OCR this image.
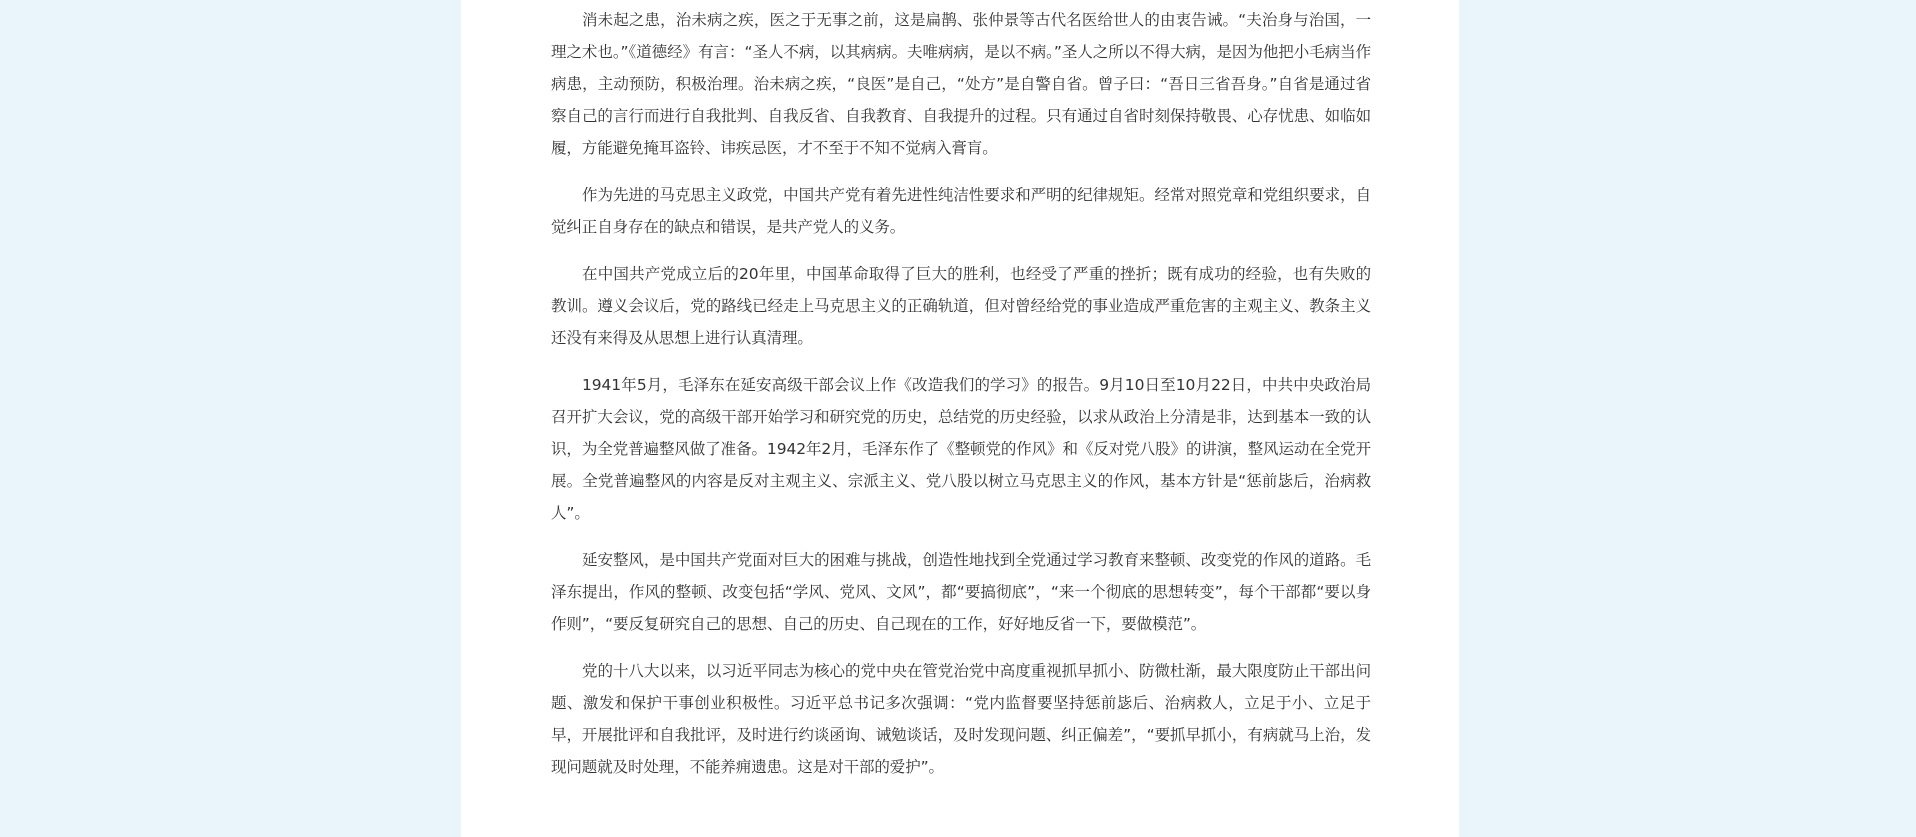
消未起之患，治未病之疾，医之于无事之前，这是扁鹊、张仲景等古代名医给世人的由衷告诫。“夫治身与治国，一理之术也。”《道德经》有言：“圣人不病，以其病病。夫唯病病，是以不病。”圣人之所以不得大病，是因为他把小毛病当作病患，主动预防，积极治理。治未病之疾，“良医”是自己，“处方”是自警自省。曾子曰：“吾日三省吾身。”自省是通过省察自己的言行而进行自我批判、自我反省、自我教育、自我提升的过程。只有通过自省时刻保持敬畏、心存忧患、如临如履，方能避免掩耳盗铃、讳疾忌医，才不至于不知不觉病入膏肓。

作为先进的马克思主义政党，中国共产党有着先进性纯洁性要求和严明的纪律规矩。经常对照党章和党组织要求，自觉纠正自身存在的缺点和错误，是共产党人的义务。

在中国共产党成立后的20年里，中国革命取得了巨大的胜利，也经受了严重的挫折；既有成功的经验，也有失败的教训。遵义会议后，党的路线已经走上马克思主义的正确轨道，但对曾经给党的事业造成严重危害的主观主义、教条主义还没有来得及从思想上进行认真清理。

1941年5月，毛泽东在延安高级干部会议上作《改造我们的学习》的报告。9月10日至10月22日，中共中央政治局召开扩大会议，党的高级干部开始学习和研究党的历史，总结党的历史经验，以求从政治上分清是非，达到基本一致的认识，为全党普遍整风做了准备。1942年2月，毛泽东作了《整顿党的作风》和《反对党八股》的讲演，整风运动在全党开展。全党普遍整风的内容是反对主观主义、宗派主义、党八股以树立马克思主义的作风，基本方针是“惩前毖后，治病救人”。

延安整风，是中国共产党面对巨大的困难与挑战，创造性地找到全党通过学习教育来整顿、改变党的作风的道路。毛泽东提出，作风的整顿、改变包括“学风、党风、文风”，都“要搞彻底”，“来一个彻底的思想转变”，每个干部都“要以身作则”，“要反复研究自己的思想、自己的历史、自己现在的工作，好好地反省一下，要做模范”。

党的十八大以来，以习近平同志为核心的党中央在管党治党中高度重视抓早抓小、防微杜渐，最大限度防止干部出问题、激发和保护干事创业积极性。习近平总书记多次强调：“党内监督要坚持惩前毖后、治病救人，立足于小、立足于早，开展批评和自我批评，及时进行约谈函询、诫勉谈话，及时发现问题、纠正偏差”，“要抓早抓小，有病就马上治，发现问题就及时处理，不能养痈遗患。这是对干部的爱护”。
